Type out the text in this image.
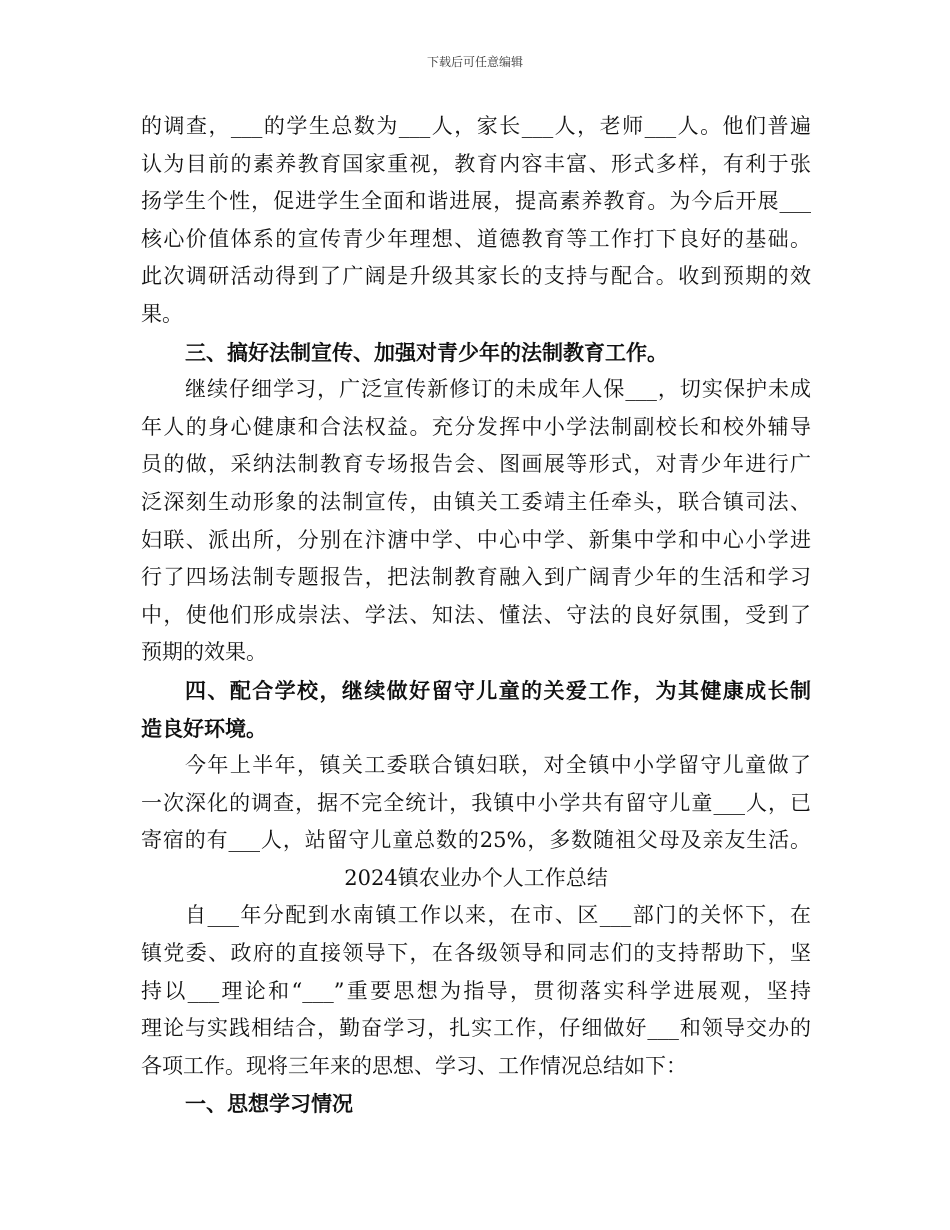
下载后可任意编辑
的调查，___的学生总数为___人，家长___人，老师___人。他们普遍
认为目前的素养教育国家重视，教育内容丰富、形式多样，有利于张
扬学生个性，促进学生全面和谐进展，提高素养教育。为今后开展___
核心价值体系的宣传青少年理想、道德教育等工作打下良好的基础。
此次调研活动得到了广阔是升级其家长的支持与配合。收到预期的效
果。
三、搞好法制宣传、加强对青少年的法制教育工作。
继续仔细学习，广泛宣传新修订的未成年人保___，切实保护未成
年人的身心健康和合法权益。充分发挥中小学法制副校长和校外辅导
员的做，采纳法制教育专场报告会、图画展等形式，对青少年进行广
泛深刻生动形象的法制宣传，由镇关工委靖主任牵头，联合镇司法、
妇联、派出所，分别在汴溏中学、中心中学、新集中学和中心小学进
行了四场法制专题报告，把法制教育融入到广阔青少年的生活和学习
中，使他们形成崇法、学法、知法、懂法、守法的良好氛围，受到了
预期的效果。
四、配合学校，继续做好留守儿童的关爱工作，为其健康成长制
造良好环境。
今年上半年，镇关工委联合镇妇联，对全镇中小学留守儿童做了
一次深化的调查，据不完全统计，我镇中小学共有留守儿童___人，已
寄宿的有___人，站留守儿童总数的25%，多数随祖父母及亲友生活。
2024镇农业办个人工作总结
自___年分配到水南镇工作以来，在市、区___部门的关怀下，在
镇党委、政府的直接领导下，在各级领导和同志们的支持帮助下，坚
持以___理论和“___”重要思想为指导，贯彻落实科学进展观，坚持
理论与实践相结合，勤奋学习，扎实工作，仔细做好___和领导交办的
各项工作。现将三年来的思想、学习、工作情况总结如下：
一、思想学习情况
